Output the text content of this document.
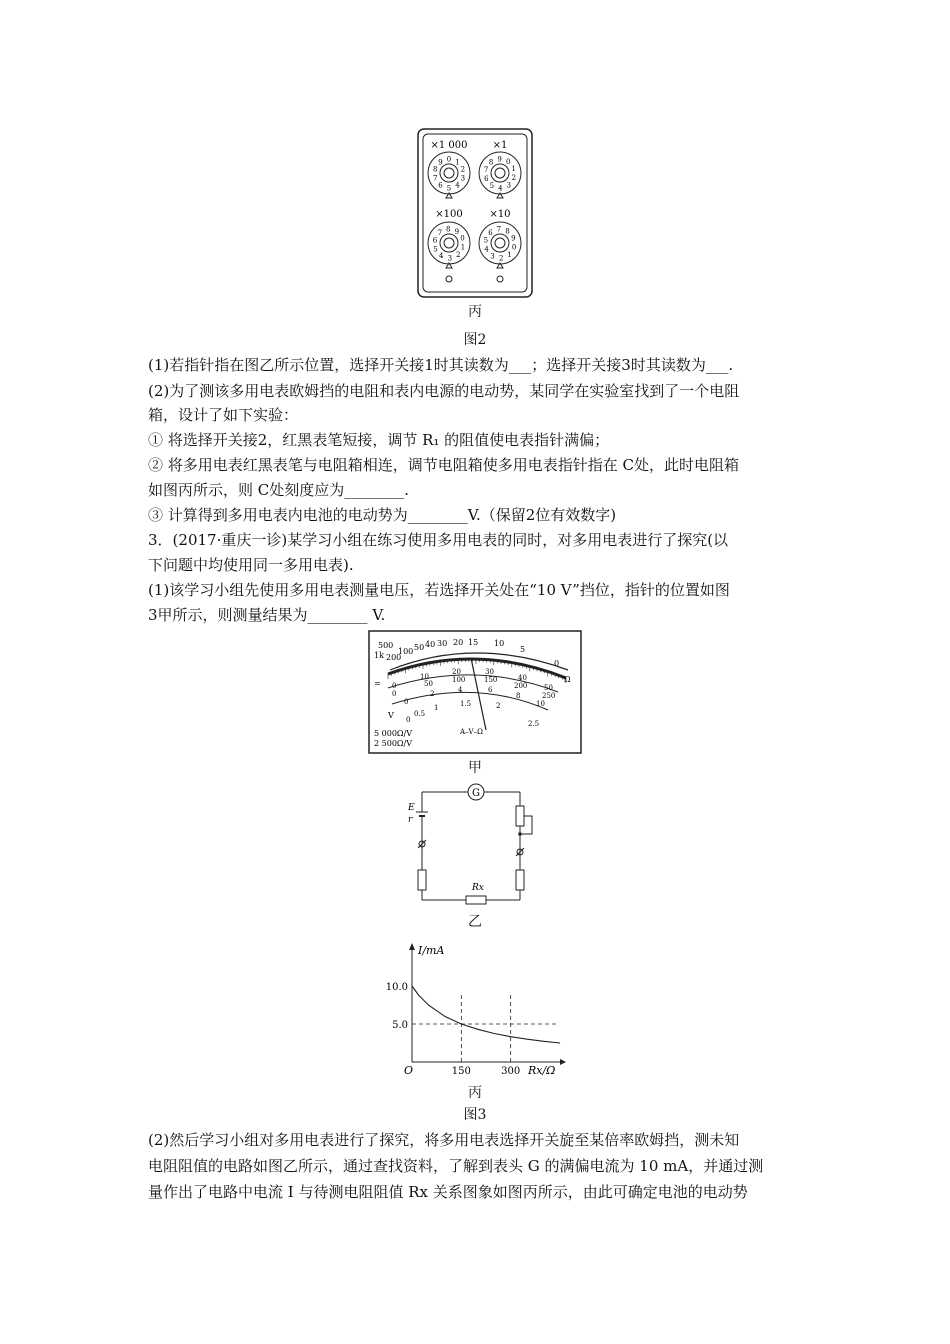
×1 000	×1
×100	×10
0 1
2
3
4
5
6
7
8
9	0
1
2
3
4
5
6
7
8 9
0
1
2
3
4
5
6
7 8 9
0
1
2
3
4
5
6 7 8
9
丙
图2
(1)若指针指在图乙所示位置，选择开关接1时其读数为___；选择开关接3时其读数为___.
(2)为了测该多用电表欧姆挡的电阻和表内电源的电动势，某同学在实验室找到了一个电阻
箱，设计了如下实验：
① 将选择开关接2，红黑表笔短接，调节 R₁ 的阻值使电表指针满偏；
② 将多用电表红黑表笔与电阻箱相连，调节电阻箱使多用电表指针指在 C处，此时电阻箱
如图丙所示，则 C处刻度应为________.
③ 计算得到多用电表内电池的电动势为________V.（保留2位有效数字)
3．(2017·重庆一诊)某学习小组在练习使用多用电表的同时，对多用电表进行了探究(以
下问题中均使用同一多用电表).
(1)该学习小组先使用多用电表测量电压，若选择开关处在“10 V”挡位，指针的位置如图
3甲所示，则测量结果为________ V.
500
1k 200
100 50 40 30 20 15 10
5
0
Ω
0
10
20	30
40
50
0
50	100	150
200
250
0
2	4	6
8
10
0
0.5
1	1.5	2
2.5
≂
V
A–V–Ω
5 000Ω/V
2 500Ω/V
甲
G
E
r
Rx
乙
I/mA
Rx/Ω
O
5.0
10.0
150	300
丙
图3
(2)然后学习小组对多用电表进行了探究，将多用电表选择开关旋至某倍率欧姆挡，测未知
电阻阻值的电路如图乙所示，通过查找资料，了解到表头 G 的满偏电流为 10 mA，并通过测
量作出了电路中电流 I 与待测电阻阻值 Rx 关系图象如图丙所示，由此可确定电池的电动势
